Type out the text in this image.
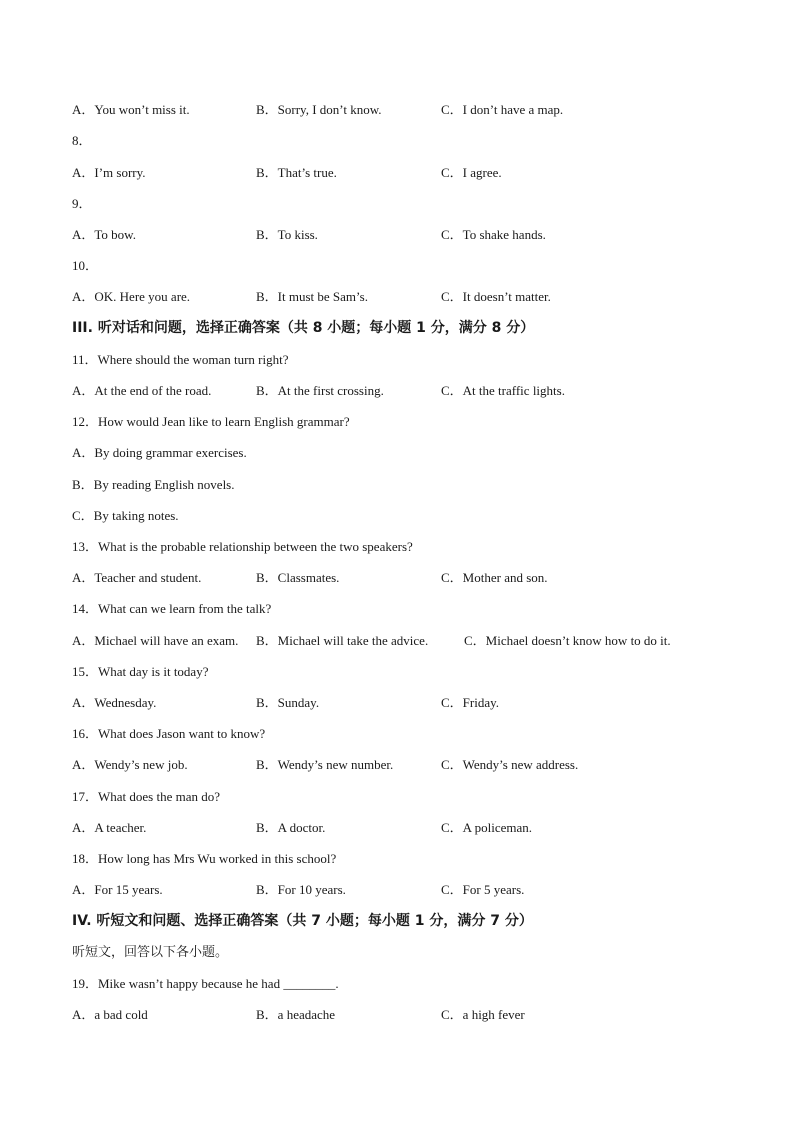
A．You won’t miss it.	B．Sorry, I don’t know.	C．I don’t have a map.
8．
A．I’m sorry.	B．That’s true.	C．I agree.
9．
A．To bow.	B．To kiss.	C．To shake hands.
10．
A．OK. Here you are.	B．It must be Sam’s.	C．It doesn’t matter.
III. 听对话和问题，选择正确答案（共 8 小题；每小题 1 分，满分 8 分）
11．Where should the woman turn right?
A．At the end of the road.	B．At the first crossing.	C．At the traffic lights.
12．How would Jean like to learn English grammar?
A．By doing grammar exercises.
B．By reading English novels.
C．By taking notes.
13．What is the probable relationship between the two speakers?
A．Teacher and student.	B．Classmates.	C．Mother and son.
14．What can we learn from the talk?
A．Michael will have an exam. B．Michael will take the advice.	C．Michael doesn’t know how to do it.
15．What day is it today?
A．Wednesday.	B．Sunday.	C．Friday.
16．What does Jason want to know?
A．Wendy’s new job.	B．Wendy’s new number.	C．Wendy’s new address.
17．What does the man do?
A．A teacher.	B．A doctor.	C．A policeman.
18．How long has Mrs Wu worked in this school?
A．For 15 years.	B．For 10 years.	C．For 5 years.
IV. 听短文和问题、选择正确答案（共 7 小题；每小题 1 分，满分 7 分）
听短文，回答以下各小题。
19．Mike wasn’t happy because he had ________.
A．a bad cold	B．a headache	C．a high fever
